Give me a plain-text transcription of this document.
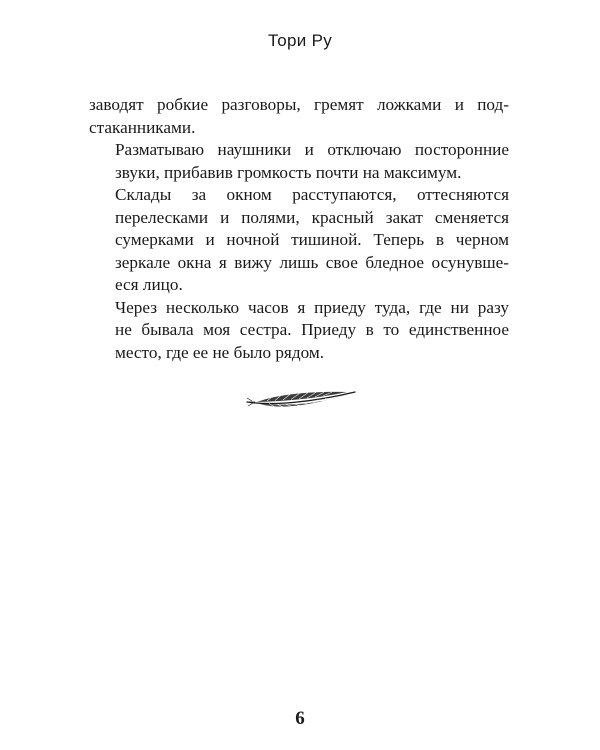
Тори Ру

заводят робкие разговоры, гремят ложками и под-
стаканниками.

Разматываю наушники и отключаю посторонние
звуки, прибавив громкость почти на максимум.

Склады за окном расступаются, оттесняются
перелесками и полями, красный закат сменяется
сумерками и ночной тишиной. Теперь в черном
зеркале окна я вижу лишь свое бледное осунувше-
еся лицо.

Через несколько часов я приеду туда, где ни разу
не бывала моя сестра. Приеду в то единственное
место, где ее не было рядом.

6
